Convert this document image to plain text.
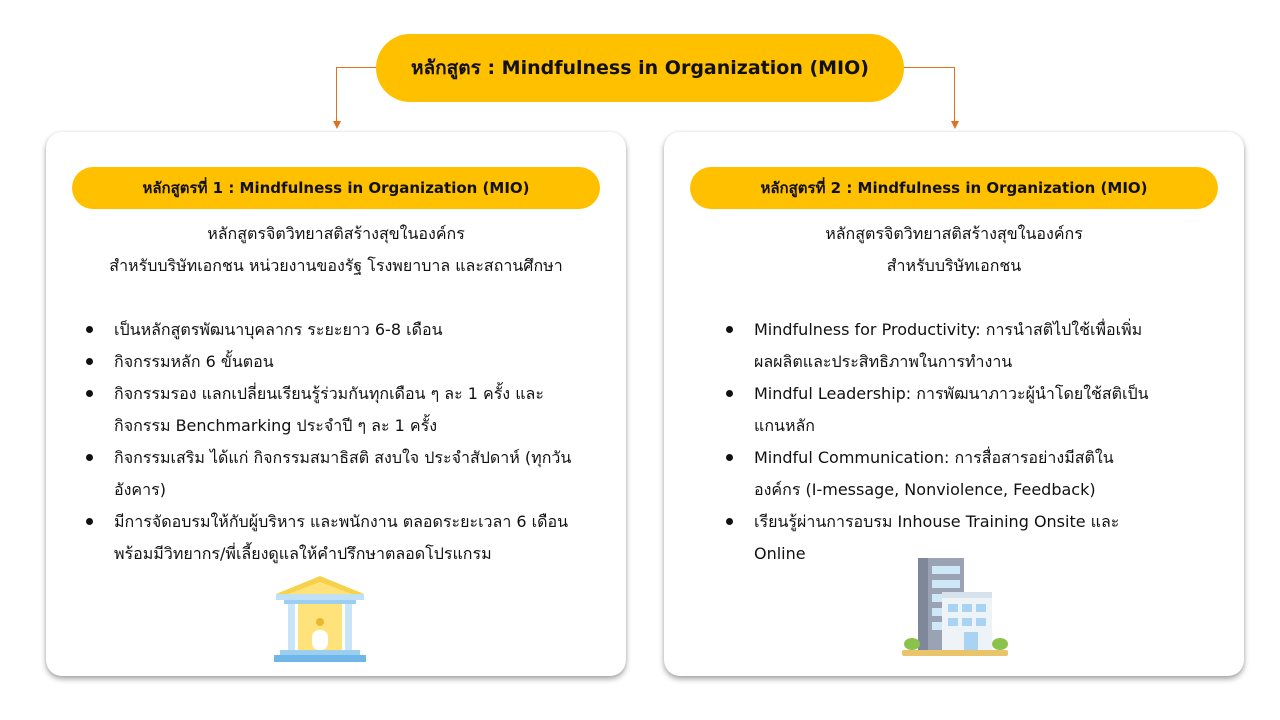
หลักสูตร : Mindfulness in Organization (MIO)
หลักสูตรที่ 1 : Mindfulness in Organization (MIO)
หลักสูตรจิตวิทยาสติสร้างสุขในองค์กร
สำหรับบริษัทเอกชน หน่วยงานของรัฐ โรงพยาบาล และสถานศึกษา
เป็นหลักสูตรพัฒนาบุคลากร ระยะยาว 6-8 เดือน
กิจกรรมหลัก 6 ขั้นตอน
กิจกรรมรอง แลกเปลี่ยนเรียนรู้ร่วมกันทุกเดือน ๆ ละ 1 ครั้ง และกิจกรรม Benchmarking ประจำปี ๆ ละ 1 ครั้ง
กิจกรรมเสริม ได้แก่ กิจกรรมสมาธิสติ สงบใจ ประจำสัปดาห์ (ทุกวันอังคาร)
มีการจัดอบรมให้กับผู้บริหาร และพนักงาน ตลอดระยะเวลา 6 เดือน พร้อมมีวิทยากร/พี่เลี้ยงดูแลให้คำปรึกษาตลอดโปรแกรม
หลักสูตรที่ 2 : Mindfulness in Organization (MIO)
หลักสูตรจิตวิทยาสติสร้างสุขในองค์กร
สำหรับบริษัทเอกชน
Mindfulness for Productivity: การนำสติไปใช้เพื่อเพิ่มผลผลิตและประสิทธิภาพในการทำงาน
Mindful Leadership: การพัฒนาภาวะผู้นำโดยใช้สติเป็นแกนหลัก
Mindful Communication: การสื่อสารอย่างมีสติในองค์กร (I-message, Nonviolence, Feedback)
เรียนรู้ผ่านการอบรม Inhouse Training Onsite และ Online
